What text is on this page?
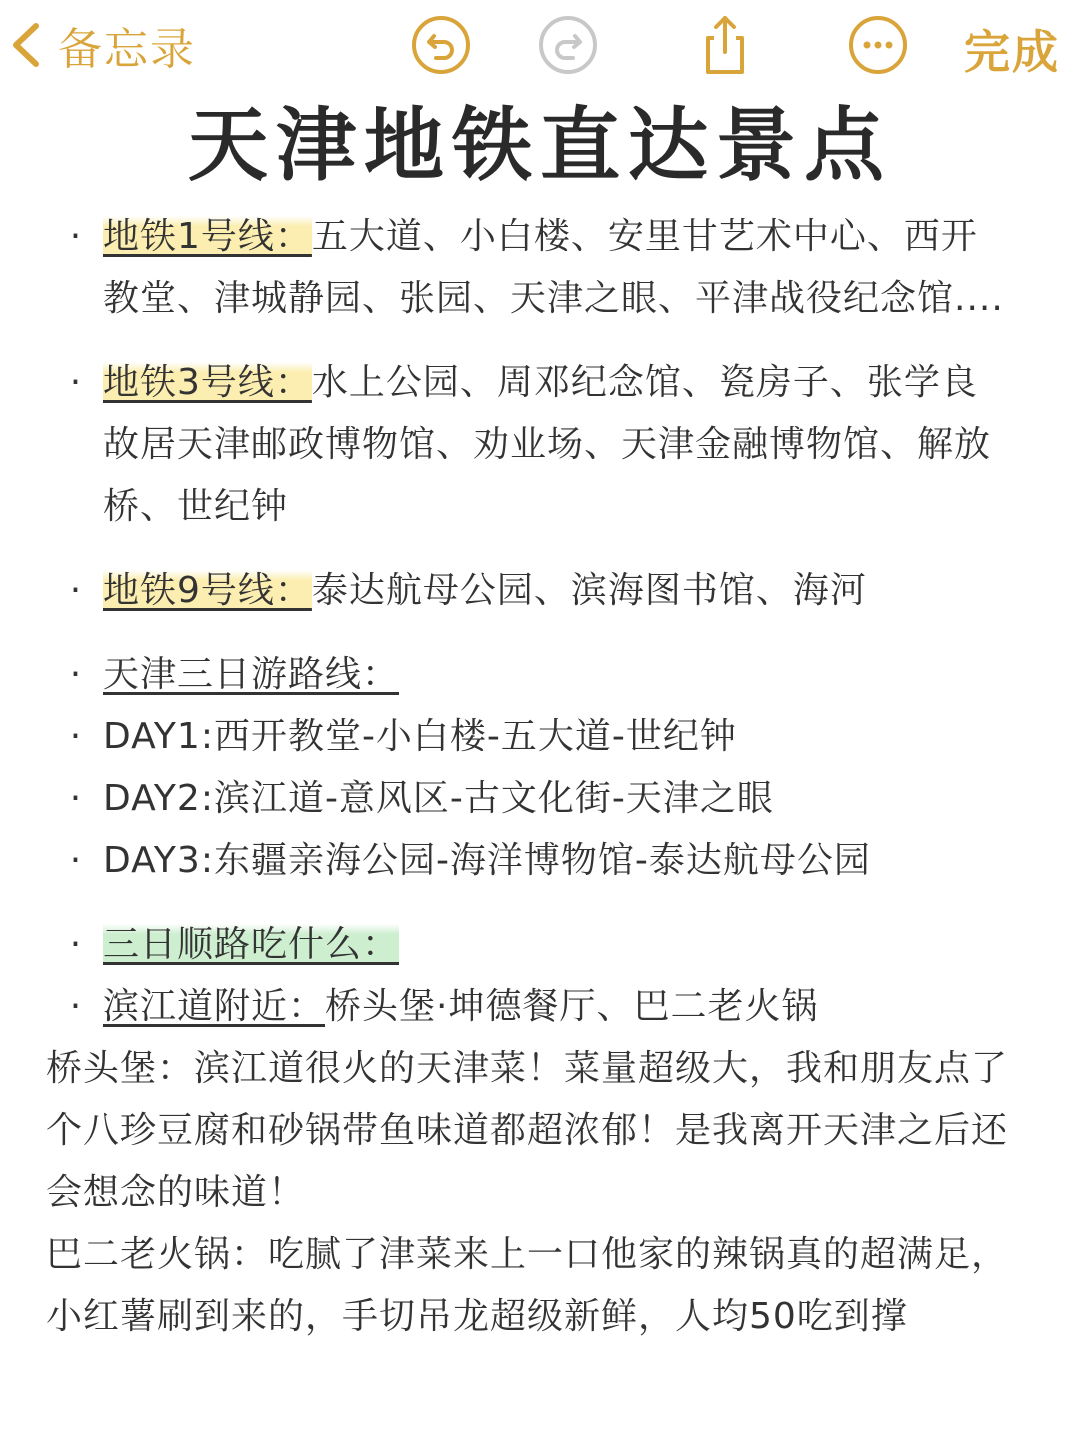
备忘录	完成
天津地铁直达景点
· 地铁1号线：五大道、小白楼、安里甘艺术中心、西开教堂、津城静园、张园、天津之眼、平津战役纪念馆....
· 地铁3号线：水上公园、周邓纪念馆、瓷房子、张学良故居天津邮政博物馆、劝业场、天津金融博物馆、解放桥、世纪钟
· 地铁9号线：泰达航母公园、滨海图书馆、海河
· 天津三日游路线：
· DAY1:西开教堂-小白楼-五大道-世纪钟
· DAY2:滨江道-意风区-古文化街-天津之眼
· DAY3:东疆亲海公园-海洋博物馆-泰达航母公园
· 三日顺路吃什么：
· 滨江道附近：桥头堡·坤德餐厅、巴二老火锅
桥头堡：滨江道很火的天津菜！菜量超级大，我和朋友点了个八珍豆腐和砂锅带鱼味道都超浓郁！是我离开天津之后还会想念的味道！
巴二老火锅：吃腻了津菜来上一口他家的辣锅真的超满足，小红薯刷到来的，手切吊龙超级新鲜，人均50吃到撑
